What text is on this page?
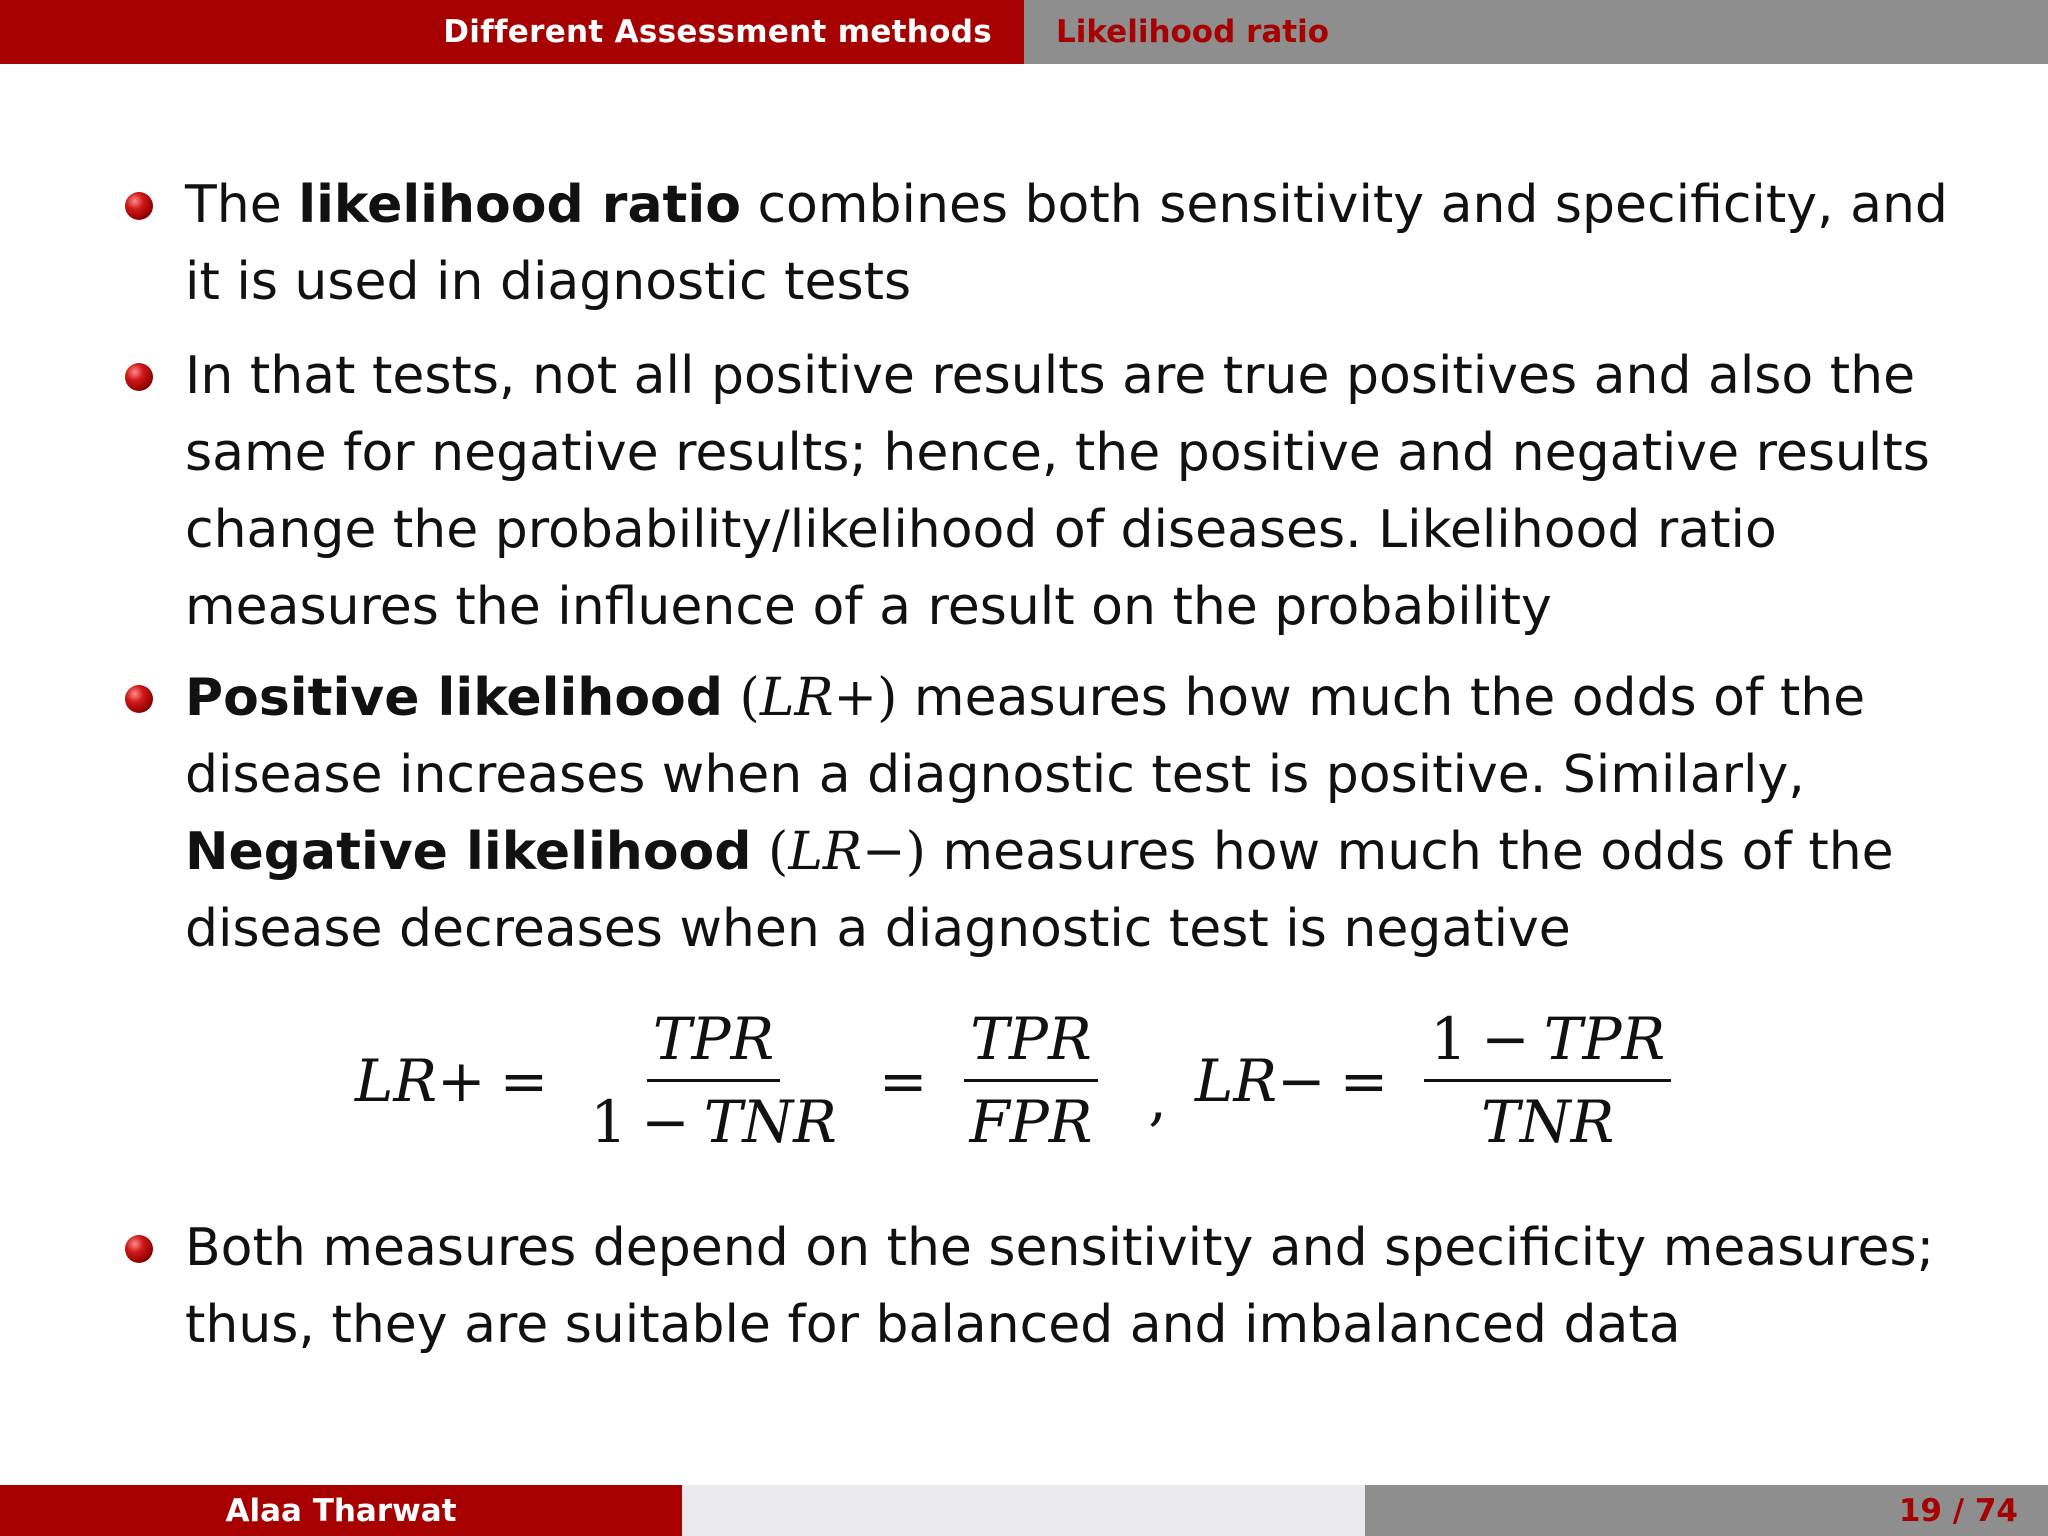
Different Assessment methods	Likelihood ratio
The likelihood ratio combines both sensitivity and specificity, and it is used in diagnostic tests
In that tests, not all positive results are true positives and also the same for negative results; hence, the positive and negative results change the probability/likelihood of diseases. Likelihood ratio measures the influence of a result on the probability
Positive likelihood (LR+) measures how much the odds of the disease increases when a diagnostic test is positive. Similarly, Negative likelihood (LR−) measures how much the odds of the disease decreases when a diagnostic test is negative
$LR+ = \frac{\text{TPR}}{\text{1 − TNR}} = \frac{\text{TPR}}{\text{FPR}}$ , $LR- = \frac{\text{1 − TPR}}{\text{TNR}}$
Both measures depend on the sensitivity and specificity measures; thus, they are suitable for balanced and imbalanced data
Alaa Tharwat	19 / 74
